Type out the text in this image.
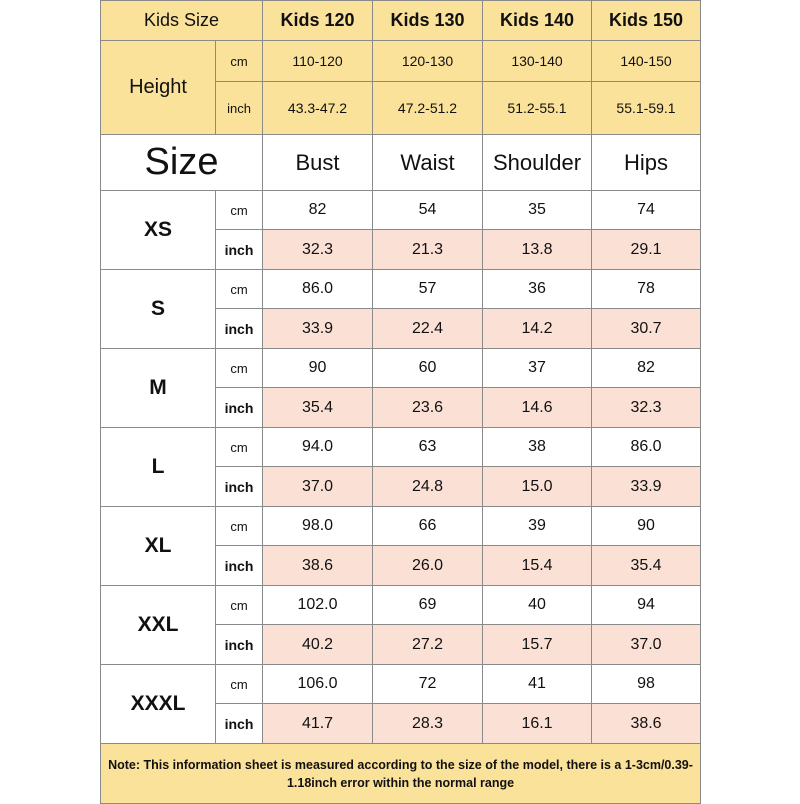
Kids Size		Kids 120	Kids 130	Kids 140	Kids 150
Height	cm	110-120	120-130	130-140	140-150
	inch	43.3-47.2	47.2-51.2	51.2-55.1	55.1-59.1
Size		Bust	Waist	Shoulder	Hips
XS	cm	82	54	35	74
	inch	32.3	21.3	13.8	29.1
S	cm	86.0	57	36	78
	inch	33.9	22.4	14.2	30.7
M	cm	90	60	37	82
	inch	35.4	23.6	14.6	32.3
L	cm	94.0	63	38	86.0
	inch	37.0	24.8	15.0	33.9
XL	cm	98.0	66	39	90
	inch	38.6	26.0	15.4	35.4
XXL	cm	102.0	69	40	94
	inch	40.2	27.2	15.7	37.0
XXXL	cm	106.0	72	41	98
	inch	41.7	28.3	16.1	38.6
Note: This information sheet is measured according to the size of the model, there is a 1-3cm/0.39-1.18inch error within the normal range					
